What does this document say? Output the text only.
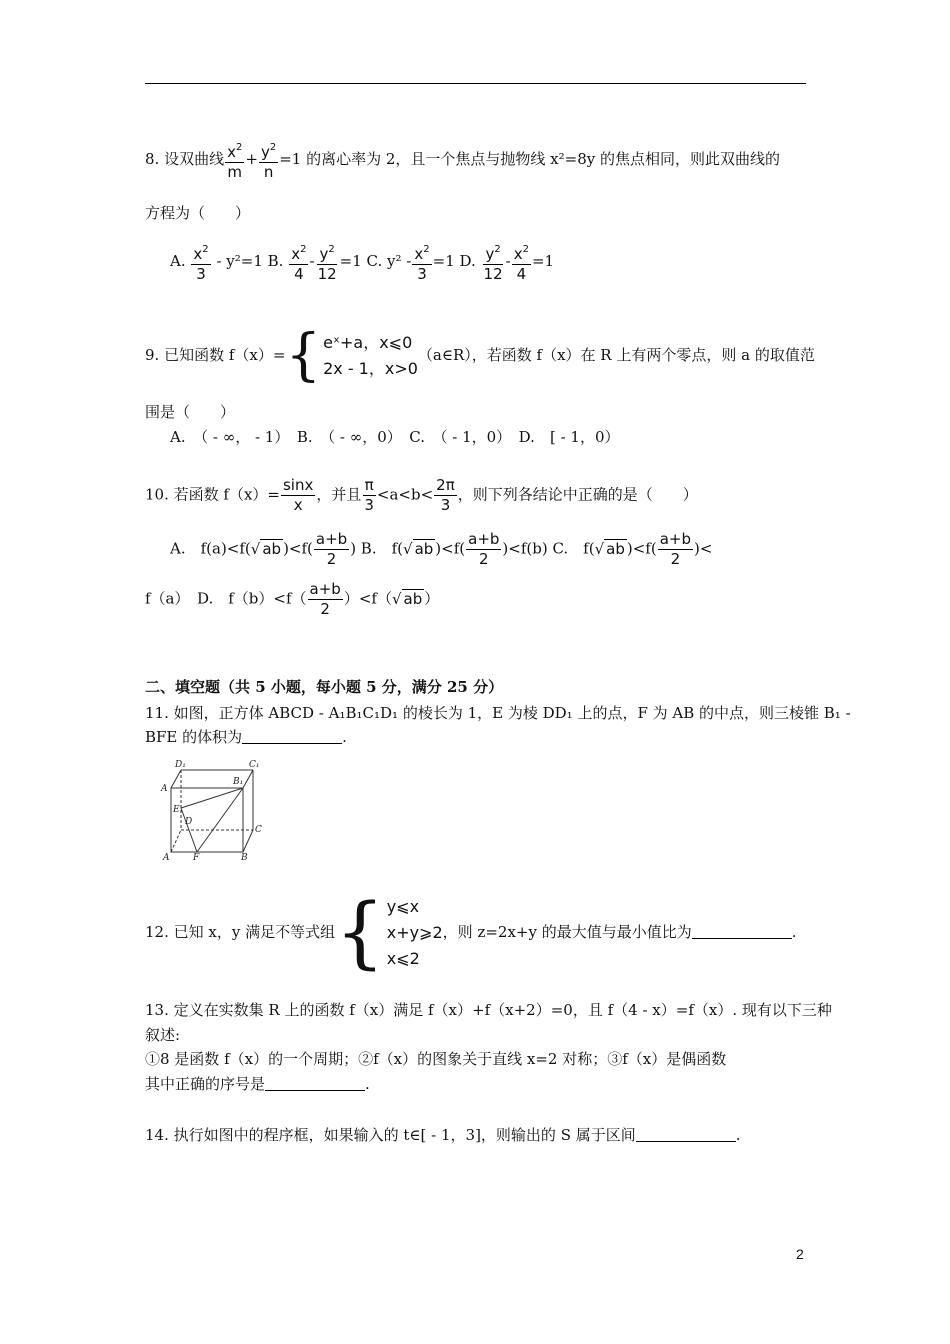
8. 设双曲线 $\frac{x^2}{m} + \frac{y^2}{n} =1$ 的离心率为 2，且一个焦点与抛物线 x²=8y 的焦点相同，则此双曲线的
方程为（　　）
A. $\frac{x^2}{3} - y^2=1$ B. $\frac{x^2}{4} - \frac{y^2}{12} =1$ C. $y^2 - \frac{x^2}{3} =1$ D. $\frac{y^2}{12} - \frac{x^2}{4} =1$
9. 已知函数 f（x）={ eˣ+a，x⩽0
2x - 1，x>0
（a∈R），若函数 f（x）在 R 上有两个零点，则 a 的取值范
围是（　　）
A.　（ - ∞， - 1）　B.　（ - ∞，0）　C.　（ - 1，0）　D.　[ - 1，0）
10. 若函数 $f(x)= \frac{\sin x}{x}$ ，并且 $\frac{\pi}{3} <a<b< \frac{2\pi}{3}$ ，则下列各结论中正确的是（　　）
A.　f(a)<f(√ ab )$<f( \frac{a+b}{2}$ ) B.　f(√ ab )$<f( \frac{a+b}{2} )<f(b)$ C.　f(√ ab )$<f( \frac{a+b}{2}$ )<
f（a）　D.　$f(b)<f( \frac{a+b}{2} )<f(√$ ab ）
二、填空题（共 5 小题，每小题 5 分，满分 25 分）
11. 如图，正方体 ABCD - A₁B₁C₁D₁ 的棱长为 1，E 为棱 DD₁ 上的点，F 为 AB 的中点，则三棱锥 B₁ -
BFE 的体积为	.
D₁	C₁
A
B₁
E
D
C
A	F	B
12. 已知 x，y 满足不等式组{ y⩽x
x+y⩾2
x⩽2
，则 z=2x+y 的最大值与最小值比为	.
13. 定义在实数集 R 上的函数 f（x）满足 f（x）+f（x+2）=0，且 f（4 - x）=f（x）. 现有以下三种
叙述:
①8 是函数 f（x）的一个周期；②f（x）的图象关于直线 x=2 对称；③f（x）是偶函数
其中正确的序号是	.
14. 执行如图中的程序框，如果输入的 t∈[ - 1，3]，则输出的 S 属于区间	.
2
